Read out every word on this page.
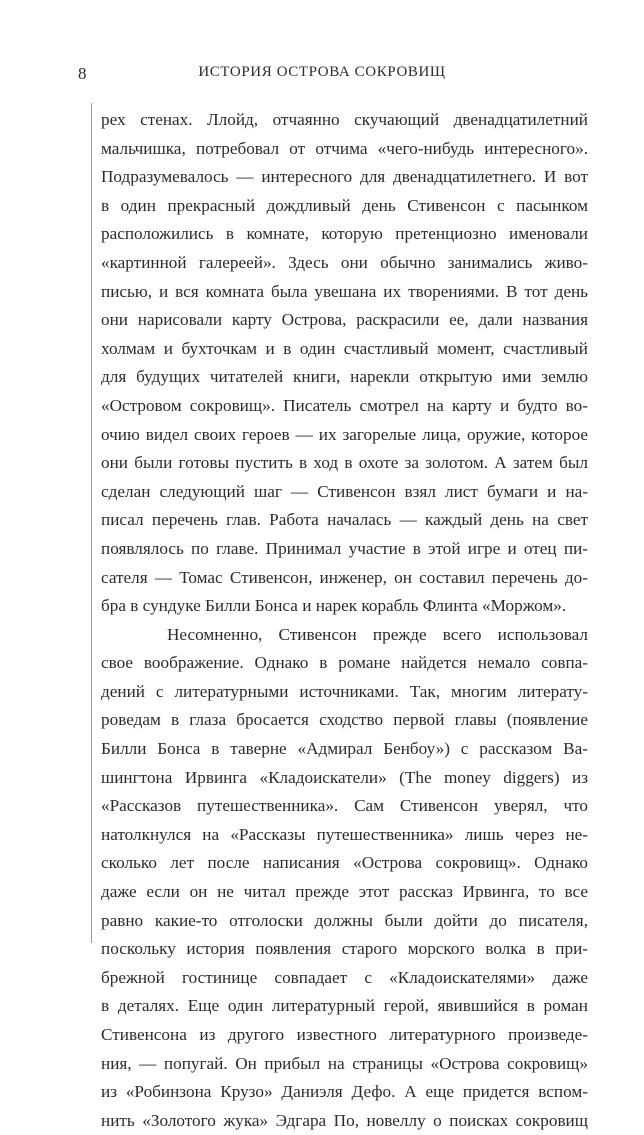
8	ИСТОРИЯ ОСТРОВА СОКРОВИЩ
рех стенах. Ллойд, отчаянно скучающий двенадцатилетний
мальчишка, потребовал от отчима «чего-нибудь интересного».
Подразумевалось — интересного для двенадцатилетнего. И вот
в один прекрасный дождливый день Стивенсон с пасынком
расположились в комнате, которую претенциозно именовали
«картинной галереей». Здесь они обычно занимались живо-
писью, и вся комната была увешана их творениями. В тот день
они нарисовали карту Острова, раскрасили ее, дали названия
холмам и бухточкам и в один счастливый момент, счастливый
для будущих читателей книги, нарекли открытую ими землю
«Островом сокровищ». Писатель смотрел на карту и будто во-
очию видел своих героев — их загорелые лица, оружие, которое
они были готовы пустить в ход в охоте за золотом. А затем был
сделан следующий шаг — Стивенсон взял лист бумаги и на-
писал перечень глав. Работа началась — каждый день на свет
появлялось по главе. Принимал участие в этой игре и отец пи-
сателя — Томас Стивенсон, инженер, он составил перечень до-
бра в сундуке Билли Бонса и нарек корабль Флинта «Моржом».
Несомненно, Стивенсон прежде всего использовал
свое воображение. Однако в романе найдется немало совпа-
дений с литературными источниками. Так, многим литерату-
роведам в глаза бросается сходство первой главы (появление
Билли Бонса в таверне «Адмирал Бенбоу») с рассказом Ва-
шингтона Ирвинга «Кладоискатели» (The money diggers) из
«Рассказов путешественника». Сам Стивенсон уверял, что
натолкнулся на «Рассказы путешественника» лишь через не-
сколько лет после написания «Острова сокровищ». Однако
даже если он не читал прежде этот рассказ Ирвинга, то все
равно какие-то отголоски должны были дойти до писателя,
поскольку история появления старого морского волка в при-
брежной гостинице совпадает с «Кладоискателями» даже
в деталях. Еще один литературный герой, явившийся в роман
Стивенсона из другого известного литературного произведе-
ния, — попугай. Он прибыл на страницы «Острова сокровищ»
из «Робинзона Крузо» Даниэля Дефо. А еще придется вспом-
нить «Золотого жука» Эдгара По, новеллу о поисках сокровищ
